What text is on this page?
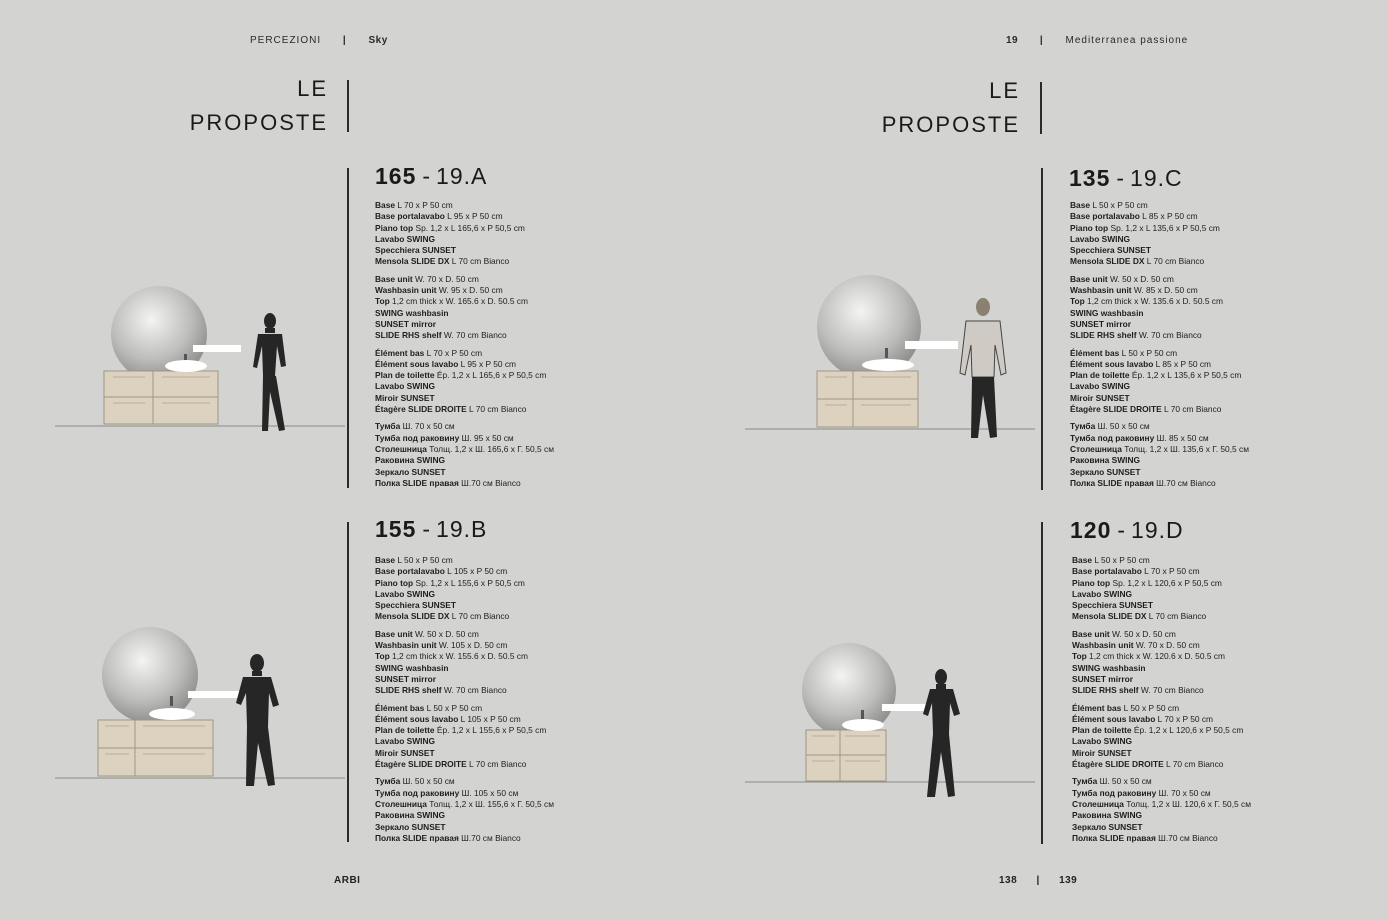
PERCEZIONI | Sky	19 | Mediterranea passione
LE
PROPOSTE
LE
PROPOSTE
165 - 19.A
Base L 70 x P 50 cm
Base portalavabo L 95 x P 50 cm
Piano top Sp. 1,2 x L 165,6 x P 50,5 cm
Lavabo SWING
Specchiera SUNSET
Mensola SLIDE DX L 70 cm Bianco
Base unit W. 70 x D. 50 cm
Washbasin unit W. 95 x D. 50 cm
Top 1,2 cm thick x W. 165.6 x D. 50.5 cm
SWING washbasin
SUNSET mirror
SLIDE RHS shelf W. 70 cm Bianco
Élément bas L 70 x P 50 cm
Élément sous lavabo L 95 x P 50 cm
Plan de toilette Ép. 1,2 x L 165,6 x P 50,5 cm
Lavabo SWING
Miroir SUNSET
Étagère SLIDE DROITE L 70 cm Bianco
Тумба Ш. 70 x 50 см
Тумба под раковину Ш. 95 x 50 см
Столешница Толщ. 1,2 x Ш. 165,6 x Г. 50,5 см
Раковина SWING
Зеркало SUNSET
Полка SLIDE правая Ш.70 см Bianco
155 - 19.B
Base L 50 x P 50 cm
Base portalavabo L 105 x P 50 cm
Piano top Sp. 1,2 x L 155,6 x P 50,5 cm
Lavabo SWING
Specchiera SUNSET
Mensola SLIDE DX L 70 cm Bianco
Base unit W. 50 x D. 50 cm
Washbasin unit W. 105 x D. 50 cm
Top 1,2 cm thick x W. 155.6 x D. 50.5 cm
SWING washbasin
SUNSET mirror
SLIDE RHS shelf W. 70 cm Bianco
Élément bas L 50 x P 50 cm
Élément sous lavabo L 105 x P 50 cm
Plan de toilette Ép. 1,2 x L 155,6 x P 50,5 cm
Lavabo SWING
Miroir SUNSET
Étagère SLIDE DROITE L 70 cm Bianco
Тумба Ш. 50 x 50 см
Тумба под раковину Ш. 105 x 50 см
Столешница Толщ. 1,2 x Ш. 155,6 x Г. 50,5 см
Раковина SWING
Зеркало SUNSET
Полка SLIDE правая Ш.70 см Bianco
135 - 19.C
Base L 50 x P 50 cm
Base portalavabo L 85 x P 50 cm
Piano top Sp. 1,2 x L 135,6 x P 50,5 cm
Lavabo SWING
Specchiera SUNSET
Mensola SLIDE DX L 70 cm Bianco
Base unit W. 50 x D. 50 cm
Washbasin unit W. 85 x D. 50 cm
Top 1,2 cm thick x W. 135.6 x D. 50.5 cm
SWING washbasin
SUNSET mirror
SLIDE RHS shelf W. 70 cm Bianco
Élément bas L 50 x P 50 cm
Élément sous lavabo L 85 x P 50 cm
Plan de toilette Ép. 1,2 x L 135,6 x P 50,5 cm
Lavabo SWING
Miroir SUNSET
Étagère SLIDE DROITE L 70 cm Bianco
Тумба Ш. 50 x 50 см
Тумба под раковину Ш. 85 x 50 см
Столешница Толщ. 1,2 x Ш. 135,6 x Г. 50,5 см
Раковина SWING
Зеркало SUNSET
Полка SLIDE правая Ш.70 см Bianco
120 - 19.D
Base L 50 x P 50 cm
Base portalavabo L 70 x P 50 cm
Piano top Sp. 1,2 x L 120,6 x P 50,5 cm
Lavabo SWING
Specchiera SUNSET
Mensola SLIDE DX L 70 cm Bianco
Base unit W. 50 x D. 50 cm
Washbasin unit W. 70 x D. 50 cm
Top 1,2 cm thick x W. 120.6 x D. 50.5 cm
SWING washbasin
SUNSET mirror
SLIDE RHS shelf W. 70 cm Bianco
Élément bas L 50 x P 50 cm
Élément sous lavabo L 70 x P 50 cm
Plan de toilette Ép. 1,2 x L 120,6 x P 50,5 cm
Lavabo SWING
Miroir SUNSET
Étagère SLIDE DROITE L 70 cm Bianco
Тумба Ш. 50 x 50 см
Тумба под раковину Ш. 70 x 50 см
Столешница Толщ. 1,2 x Ш. 120,6 x Г. 50,5 см
Раковина SWING
Зеркало SUNSET
Полка SLIDE правая Ш.70 см Bianco
ARBI	138 | 139
